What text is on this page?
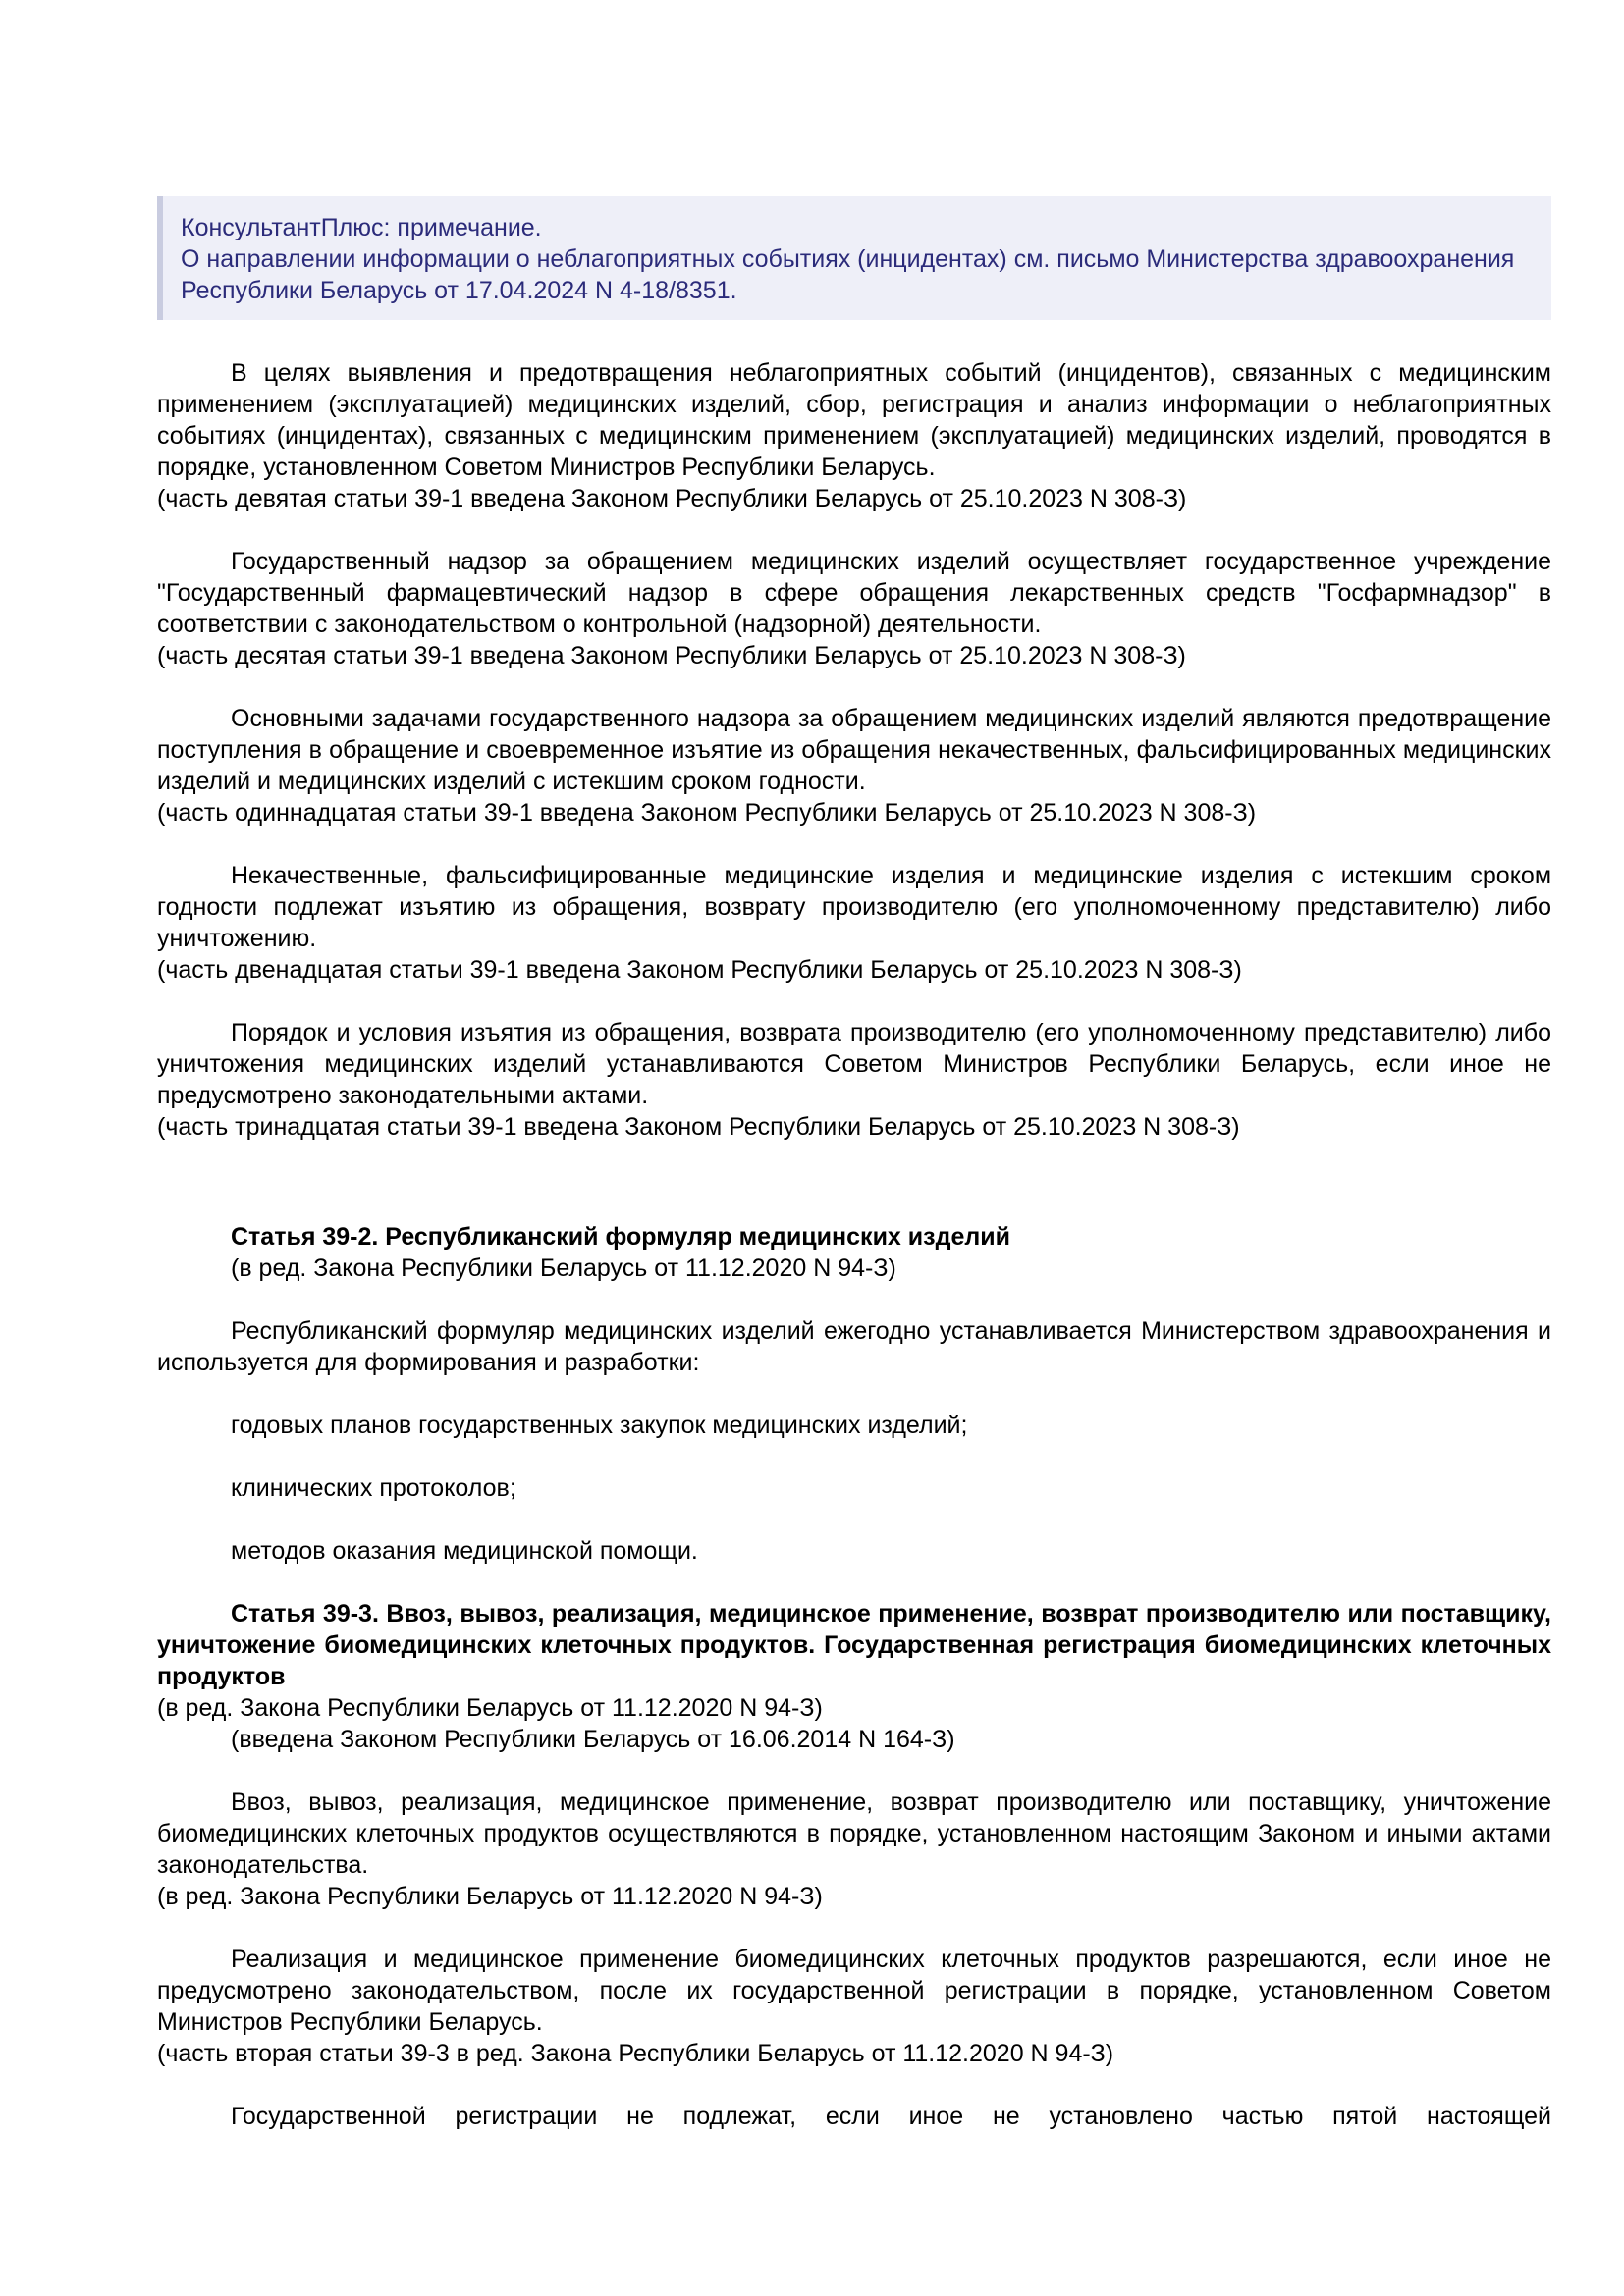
КонсультантПлюс: примечание.
О направлении информации о неблагоприятных событиях (инцидентах) см. письмо Министерства здравоохранения Республики Беларусь от 17.04.2024 N 4-18/8351.

В целях выявления и предотвращения неблагоприятных событий (инцидентов), связанных с медицинским применением (эксплуатацией) медицинских изделий, сбор, регистрация и анализ информации о неблагоприятных событиях (инцидентах), связанных с медицинским применением (эксплуатацией) медицинских изделий, проводятся в порядке, установленном Советом Министров Республики Беларусь.

(часть девятая статьи 39-1 введена Законом Республики Беларусь от 25.10.2023 N 308-З)

Государственный надзор за обращением медицинских изделий осуществляет государственное учреждение "Государственный фармацевтический надзор в сфере обращения лекарственных средств "Госфармнадзор" в соответствии с законодательством о контрольной (надзорной) деятельности.

(часть десятая статьи 39-1 введена Законом Республики Беларусь от 25.10.2023 N 308-З)

Основными задачами государственного надзора за обращением медицинских изделий являются предотвращение поступления в обращение и своевременное изъятие из обращения некачественных, фальсифицированных медицинских изделий и медицинских изделий с истекшим сроком годности.

(часть одиннадцатая статьи 39-1 введена Законом Республики Беларусь от 25.10.2023 N 308-З)

Некачественные, фальсифицированные медицинские изделия и медицинские изделия с истекшим сроком годности подлежат изъятию из обращения, возврату производителю (его уполномоченному представителю) либо уничтожению.

(часть двенадцатая статьи 39-1 введена Законом Республики Беларусь от 25.10.2023 N 308-З)

Порядок и условия изъятия из обращения, возврата производителю (его уполномоченному представителю) либо уничтожения медицинских изделий устанавливаются Советом Министров Республики Беларусь, если иное не предусмотрено законодательными актами.

(часть тринадцатая статьи 39-1 введена Законом Республики Беларусь от 25.10.2023 N 308-З)

Статья 39-2. Республиканский формуляр медицинских изделий

(в ред. Закона Республики Беларусь от 11.12.2020 N 94-З)

Республиканский формуляр медицинских изделий ежегодно устанавливается Министерством здравоохранения и используется для формирования и разработки:

годовых планов государственных закупок медицинских изделий;

клинических протоколов;

методов оказания медицинской помощи.

Статья 39-3. Ввоз, вывоз, реализация, медицинское применение, возврат производителю или поставщику, уничтожение биомедицинских клеточных продуктов. Государственная регистрация биомедицинских клеточных продуктов

(в ред. Закона Республики Беларусь от 11.12.2020 N 94-З)

(введена Законом Республики Беларусь от 16.06.2014 N 164-З)

Ввоз, вывоз, реализация, медицинское применение, возврат производителю или поставщику, уничтожение биомедицинских клеточных продуктов осуществляются в порядке, установленном настоящим Законом и иными актами законодательства.

(в ред. Закона Республики Беларусь от 11.12.2020 N 94-З)

Реализация и медицинское применение биомедицинских клеточных продуктов разрешаются, если иное не предусмотрено законодательством, после их государственной регистрации в порядке, установленном Советом Министров Республики Беларусь.

(часть вторая статьи 39-3 в ред. Закона Республики Беларусь от 11.12.2020 N 94-З)

Государственной регистрации не подлежат, если иное не установлено частью пятой настоящей
